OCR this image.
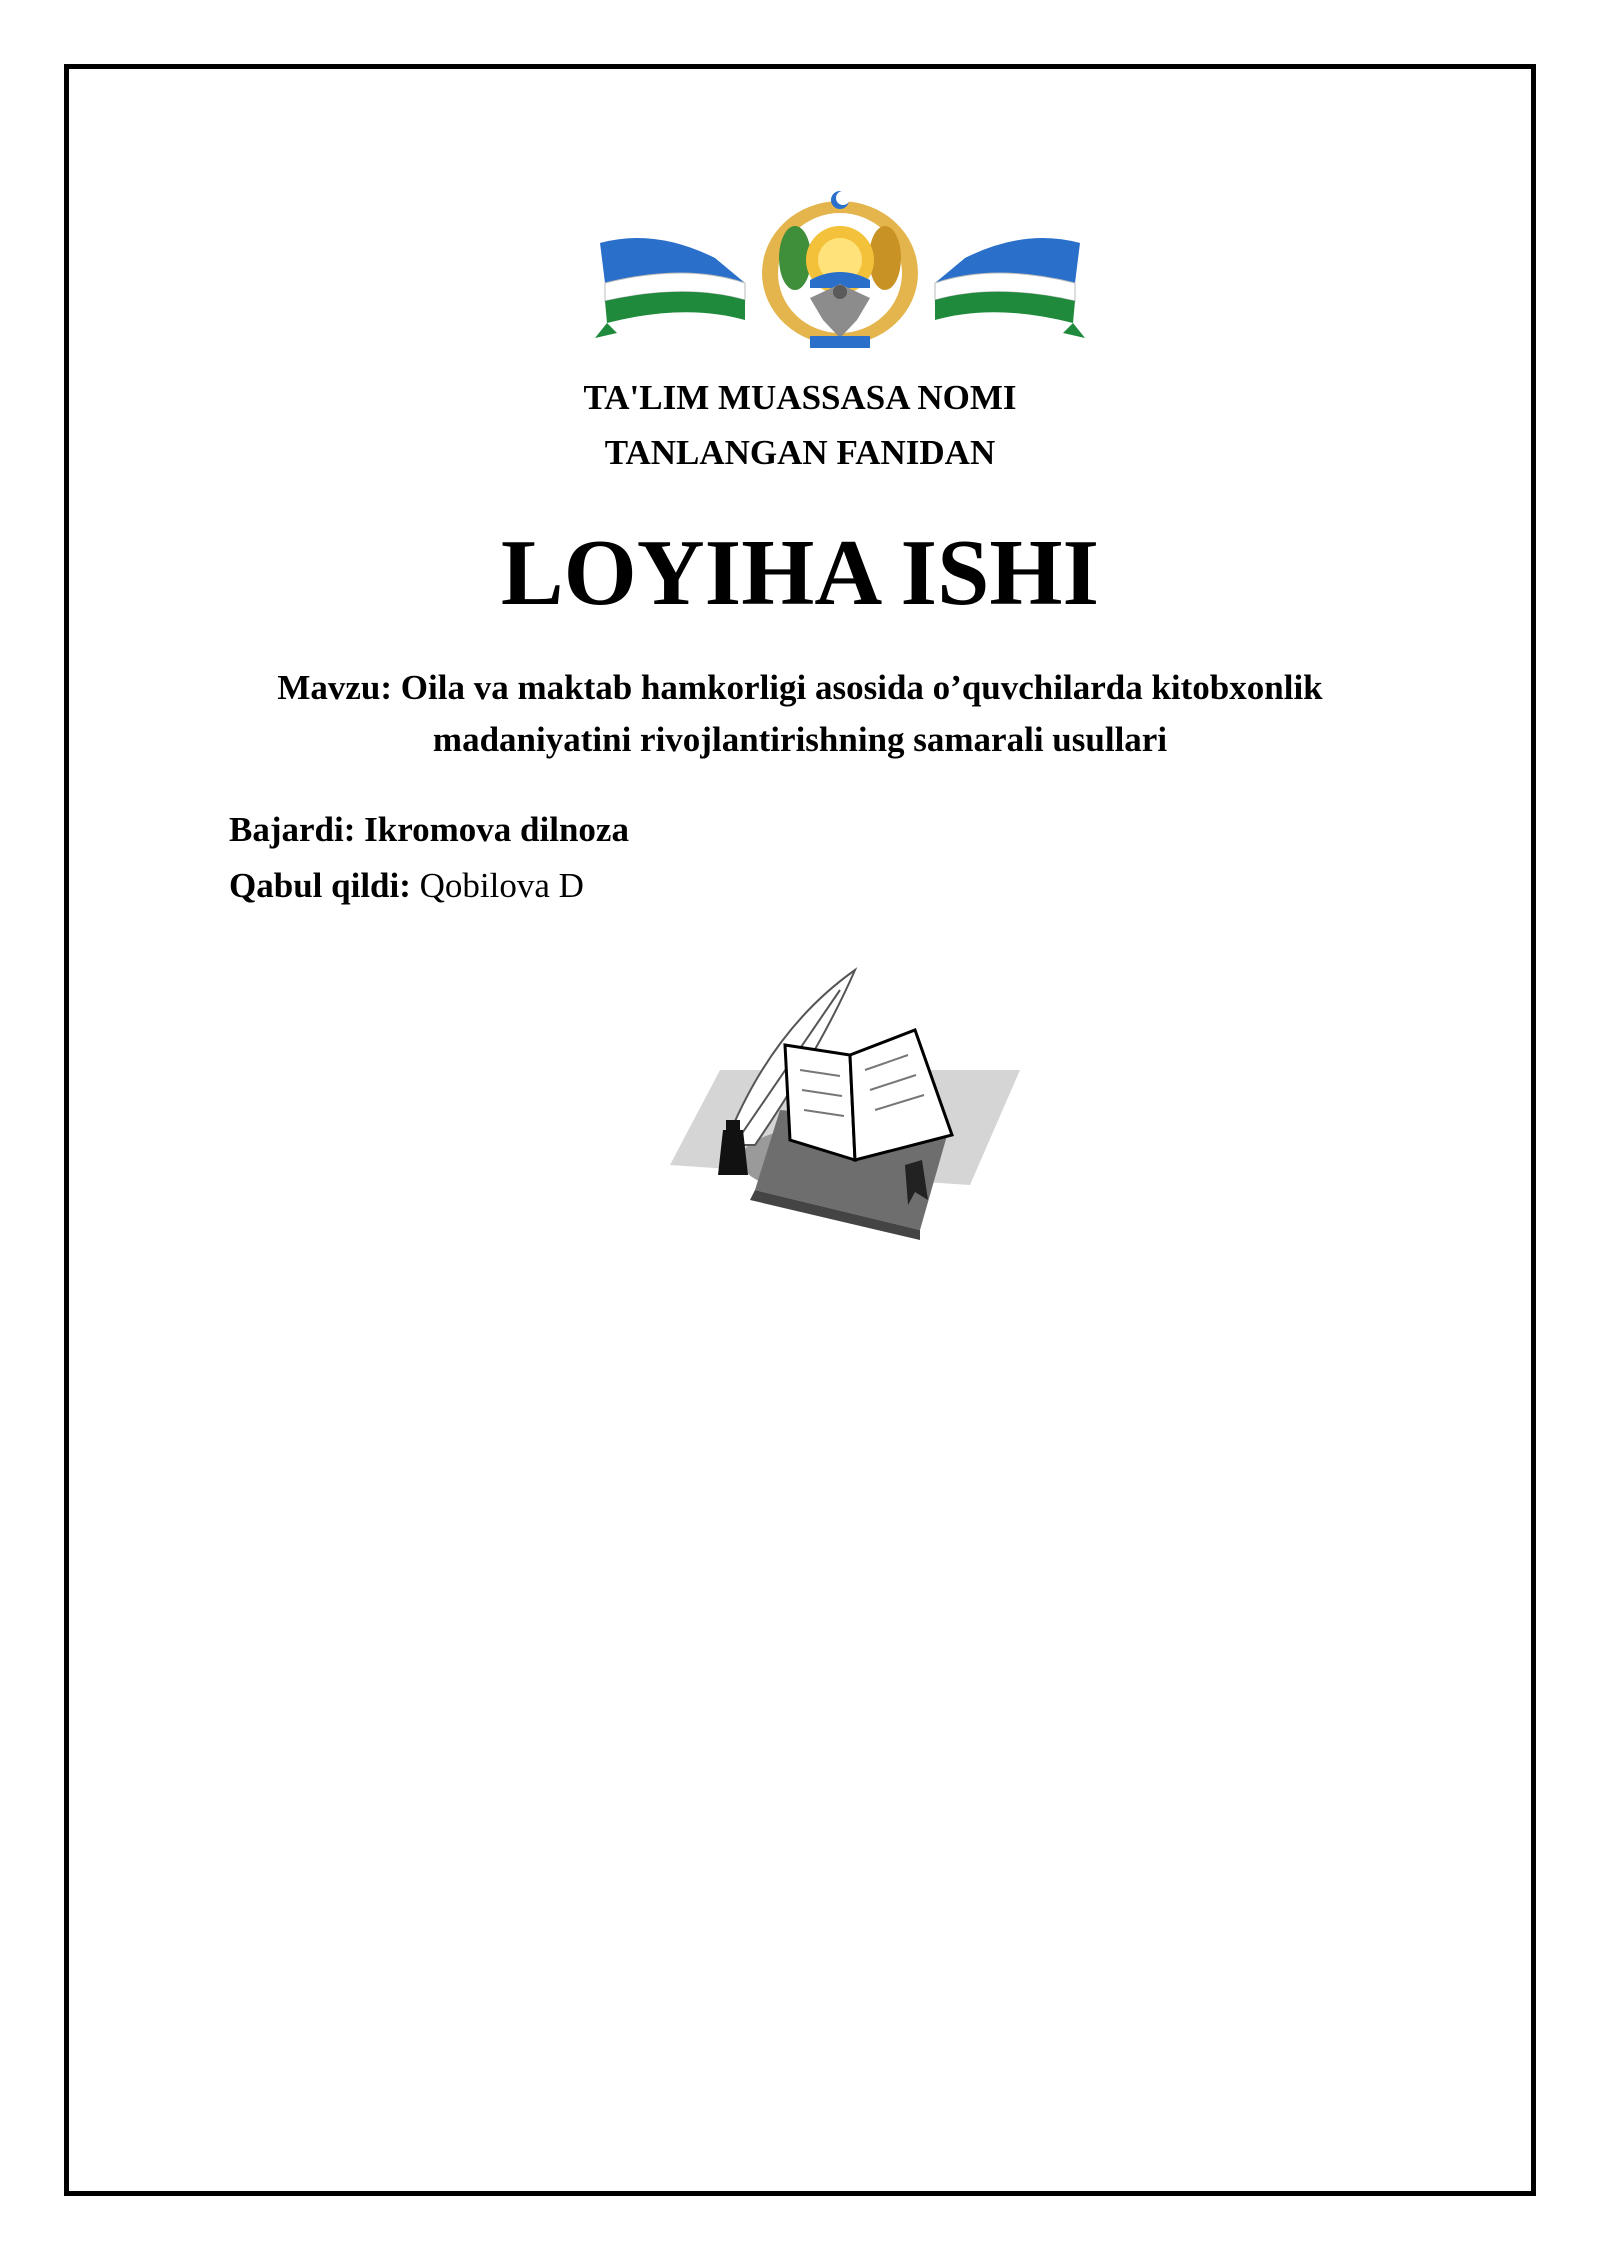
TA'LIM MUASSASA NOMI
TANLANGAN FANIDAN
LOYIHA ISHI
Mavzu: Oila va maktab hamkorligi asosida o’quvchilarda kitobxonlik
madaniyatini rivojlantirishning samarali usullari
Bajardi: Ikromova dilnoza
Qabul qildi: Qobilova D
